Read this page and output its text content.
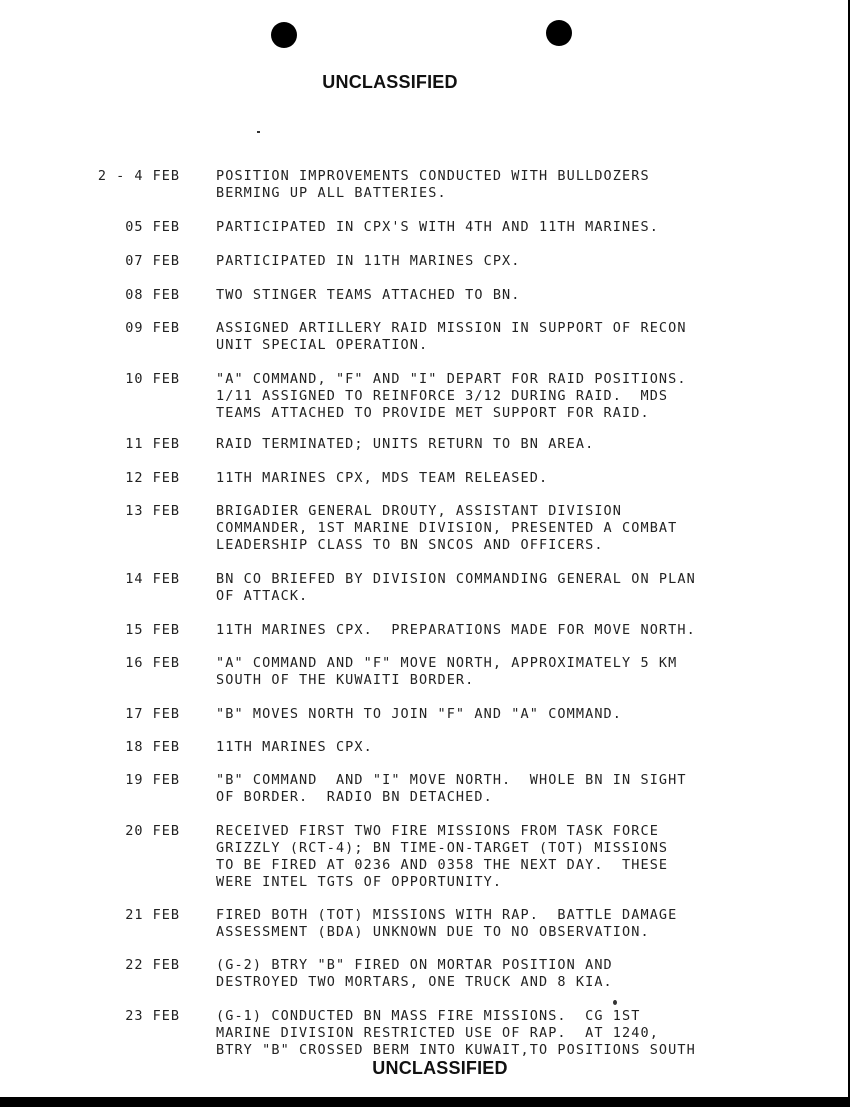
UNCLASSIFIED
2 - 4 FEB	POSITION IMPROVEMENTS CONDUCTED WITH BULLDOZERS
BERMING UP ALL BATTERIES.
05 FEB	PARTICIPATED IN CPX'S WITH 4TH AND 11TH MARINES.
07 FEB	PARTICIPATED IN 11TH MARINES CPX.
08 FEB	TWO STINGER TEAMS ATTACHED TO BN.
09 FEB	ASSIGNED ARTILLERY RAID MISSION IN SUPPORT OF RECON
UNIT SPECIAL OPERATION.
10 FEB	"A" COMMAND, "F" AND "I" DEPART FOR RAID POSITIONS.
1/11 ASSIGNED TO REINFORCE 3/12 DURING RAID.  MDS
TEAMS ATTACHED TO PROVIDE MET SUPPORT FOR RAID.
11 FEB	RAID TERMINATED; UNITS RETURN TO BN AREA.
12 FEB	11TH MARINES CPX, MDS TEAM RELEASED.
13 FEB	BRIGADIER GENERAL DROUTY, ASSISTANT DIVISION
COMMANDER, 1ST MARINE DIVISION, PRESENTED A COMBAT
LEADERSHIP CLASS TO BN SNCOS AND OFFICERS.
14 FEB	BN CO BRIEFED BY DIVISION COMMANDING GENERAL ON PLAN
OF ATTACK.
15 FEB	11TH MARINES CPX.  PREPARATIONS MADE FOR MOVE NORTH.
16 FEB	"A" COMMAND AND "F" MOVE NORTH, APPROXIMATELY 5 KM
SOUTH OF THE KUWAITI BORDER.
17 FEB	"B" MOVES NORTH TO JOIN "F" AND "A" COMMAND.
18 FEB	11TH MARINES CPX.
19 FEB	"B" COMMAND  AND "I" MOVE NORTH.  WHOLE BN IN SIGHT
OF BORDER.  RADIO BN DETACHED.
20 FEB	RECEIVED FIRST TWO FIRE MISSIONS FROM TASK FORCE
GRIZZLY (RCT-4); BN TIME-ON-TARGET (TOT) MISSIONS
TO BE FIRED AT 0236 AND 0358 THE NEXT DAY.  THESE
WERE INTEL TGTS OF OPPORTUNITY.
21 FEB	FIRED BOTH (TOT) MISSIONS WITH RAP.  BATTLE DAMAGE
ASSESSMENT (BDA) UNKNOWN DUE TO NO OBSERVATION.
22 FEB	(G-2) BTRY "B" FIRED ON MORTAR POSITION AND
DESTROYED TWO MORTARS, ONE TRUCK AND 8 KIA.
23 FEB	(G-1) CONDUCTED BN MASS FIRE MISSIONS.  CG 1ST
MARINE DIVISION RESTRICTED USE OF RAP.  AT 1240,
BTRY "B" CROSSED BERM INTO KUWAIT,TO POSITIONS SOUTH
UNCLASSIFIED
